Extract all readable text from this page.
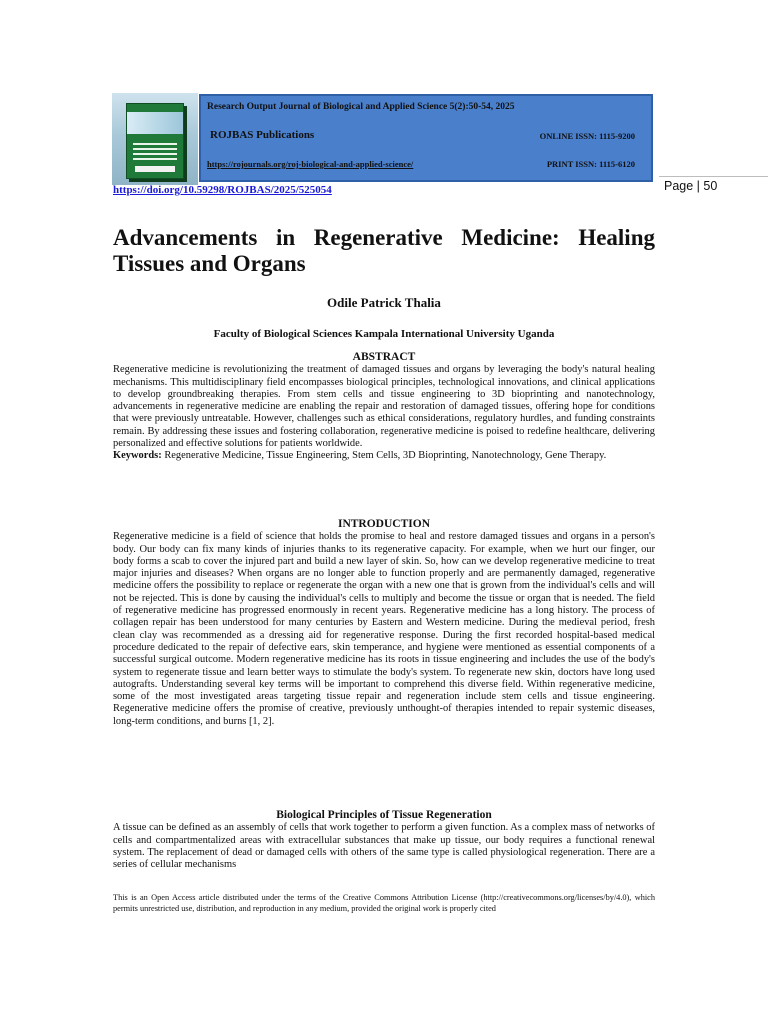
Research Output Journal of Biological and Applied Science 5(2):50-54, 2025
ROJBAS Publications	ONLINE ISSN: 1115-9200
https://rojournals.org/roj-biological-and-applied-science/	PRINT ISSN: 1115-6120
https://doi.org/10.59298/ROJBAS/2025/525054	Page | 50
Advancements in Regenerative Medicine: Healing
Tissues and Organs
Odile Patrick Thalia
Faculty of Biological Sciences Kampala International University Uganda

ABSTRACT

Regenerative medicine is revolutionizing the treatment of damaged tissues and organs by leveraging the body's natural healing mechanisms. This multidisciplinary field encompasses biological principles, technological innovations, and clinical applications to develop groundbreaking therapies. From stem cells and tissue engineering to 3D bioprinting and nanotechnology, advancements in regenerative medicine are enabling the repair and restoration of damaged tissues, offering hope for conditions that were previously untreatable. However, challenges such as ethical considerations, regulatory hurdles, and funding constraints remain. By addressing these issues and fostering collaboration, regenerative medicine is poised to redefine healthcare, delivering personalized and effective solutions for patients worldwide.

Keywords: Regenerative Medicine, Tissue Engineering, Stem Cells, 3D Bioprinting, Nanotechnology, Gene Therapy.

INTRODUCTION

Regenerative medicine is a field of science that holds the promise to heal and restore damaged tissues and organs in a person's body. Our body can fix many kinds of injuries thanks to its regenerative capacity. For example, when we hurt our finger, our body forms a scab to cover the injured part and build a new layer of skin. So, how can we develop regenerative medicine to treat major injuries and diseases? When organs are no longer able to function properly and are permanently damaged, regenerative medicine offers the possibility to replace or regenerate the organ with a new one that is grown from the individual's cells and will not be rejected. This is done by causing the individual's cells to multiply and become the tissue or organ that is needed. The field of regenerative medicine has progressed enormously in recent years. Regenerative medicine has a long history. The process of collagen repair has been understood for many centuries by Eastern and Western medicine. During the medieval period, fresh clean clay was recommended as a dressing aid for regenerative response. During the first recorded hospital-based medical procedure dedicated to the repair of defective ears, skin temperance, and hygiene were mentioned as essential components of a successful surgical outcome. Modern regenerative medicine has its roots in tissue engineering and includes the use of the body's system to regenerate tissue and learn better ways to stimulate the body's system. To regenerate new skin, doctors have long used autografts. Understanding several key terms will be important to comprehend this diverse field. Within regenerative medicine, some of the most investigated areas targeting tissue repair and regeneration include stem cells and tissue engineering. Regenerative medicine offers the promise of creative, previously unthought-of therapies intended to repair systemic diseases, long-term conditions, and burns [1, 2].

Biological Principles of Tissue Regeneration

A tissue can be defined as an assembly of cells that work together to perform a given function. As a complex mass of networks of cells and compartmentalized areas with extracellular substances that make up tissue, our body requires a functional renewal system. The replacement of dead or damaged cells with others of the same type is called physiological regeneration. There are a series of cellular mechanisms

This is an Open Access article distributed under the terms of the Creative Commons Attribution License (http://creativecommons.org/licenses/by/4.0), which permits unrestricted use, distribution, and reproduction in any medium, provided the original work is properly cited
